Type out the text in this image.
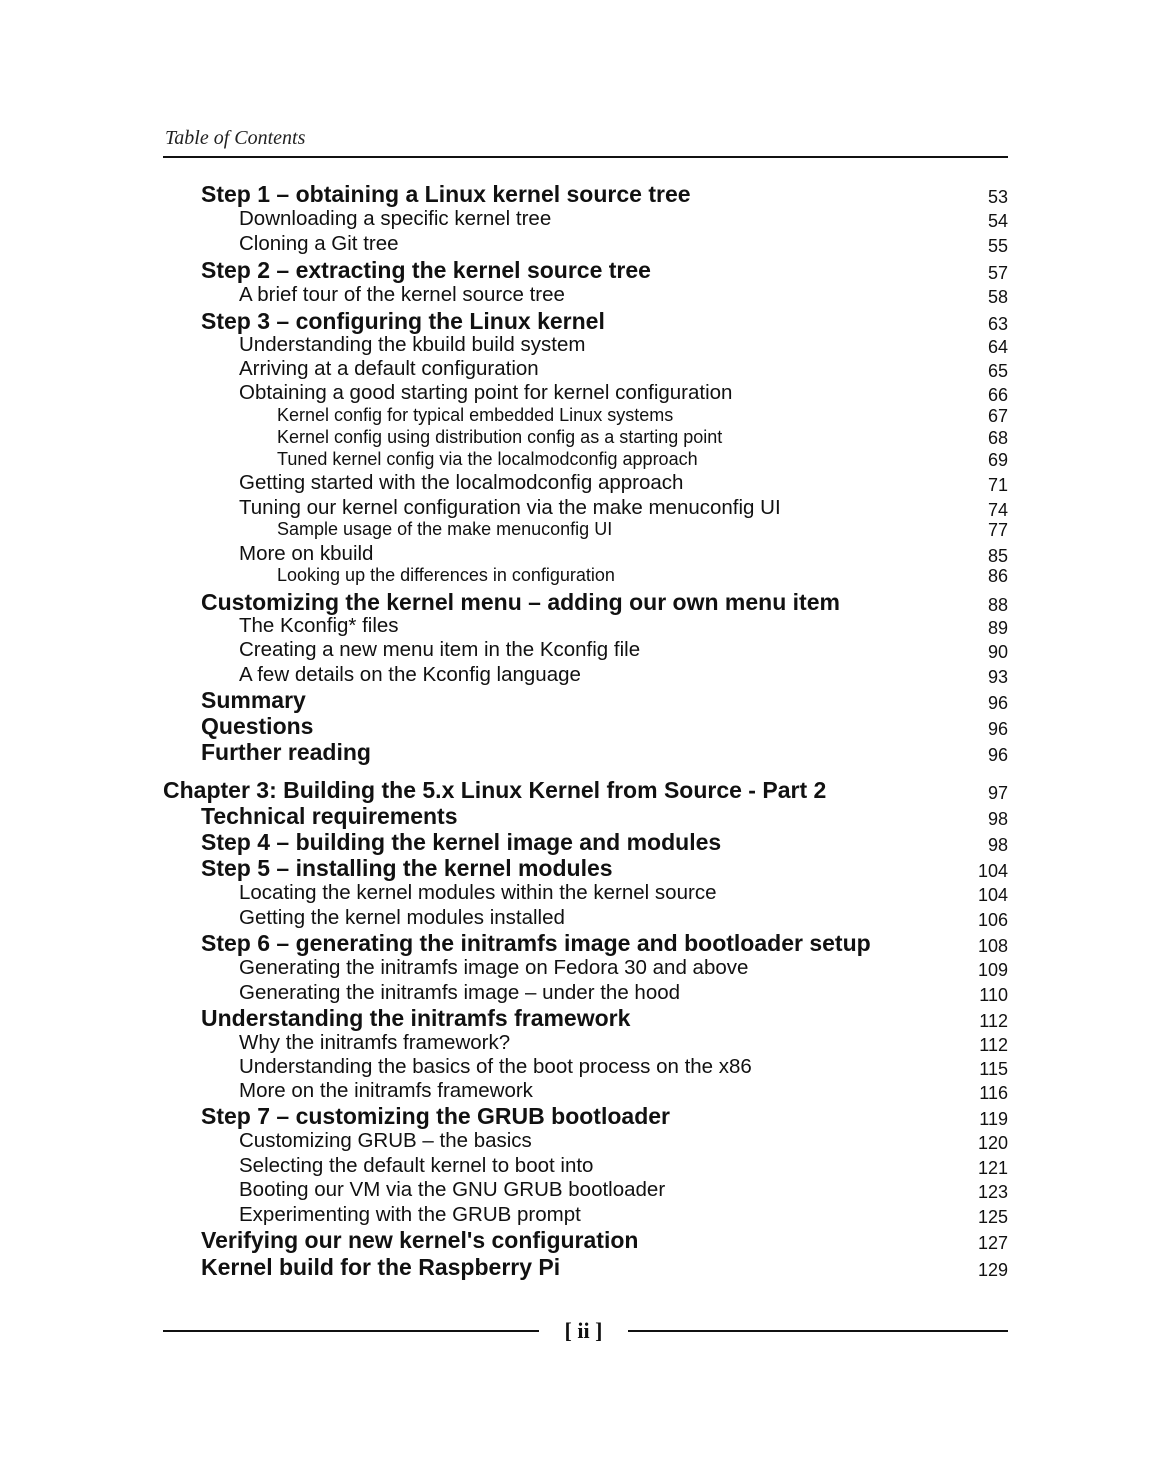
Table of Contents
Step 1 – obtaining a Linux kernel source tree	53
Downloading a specific kernel tree	54
Cloning a Git tree	55
Step 2 – extracting the kernel source tree	57
A brief tour of the kernel source tree	58
Step 3 – configuring the Linux kernel	63
Understanding the kbuild build system	64
Arriving at a default configuration	65
Obtaining a good starting point for kernel configuration	66
Kernel config for typical embedded Linux systems	67
Kernel config using distribution config as a starting point	68
Tuned kernel config via the localmodconfig approach	69
Getting started with the localmodconfig approach	71
Tuning our kernel configuration via the make menuconfig UI	74
Sample usage of the make menuconfig UI	77
More on kbuild	85
Looking up the differences in configuration	86
Customizing the kernel menu – adding our own menu item	88
The Kconfig* files	89
Creating a new menu item in the Kconfig file	90
A few details on the Kconfig language	93
Summary	96
Questions	96
Further reading	96
Chapter 3: Building the 5.x Linux Kernel from Source - Part 2	97
Technical requirements	98
Step 4 – building the kernel image and modules	98
Step 5 – installing the kernel modules	104
Locating the kernel modules within the kernel source	104
Getting the kernel modules installed	106
Step 6 – generating the initramfs image and bootloader setup	108
Generating the initramfs image on Fedora 30 and above	109
Generating the initramfs image – under the hood	110
Understanding the initramfs framework	112
Why the initramfs framework?	112
Understanding the basics of the boot process on the x86	115
More on the initramfs framework	116
Step 7 – customizing the GRUB bootloader	119
Customizing GRUB – the basics	120
Selecting the default kernel to boot into	121
Booting our VM via the GNU GRUB bootloader	123
Experimenting with the GRUB prompt	125
Verifying our new kernel's configuration	127
Kernel build for the Raspberry Pi	129
[ ii ]
